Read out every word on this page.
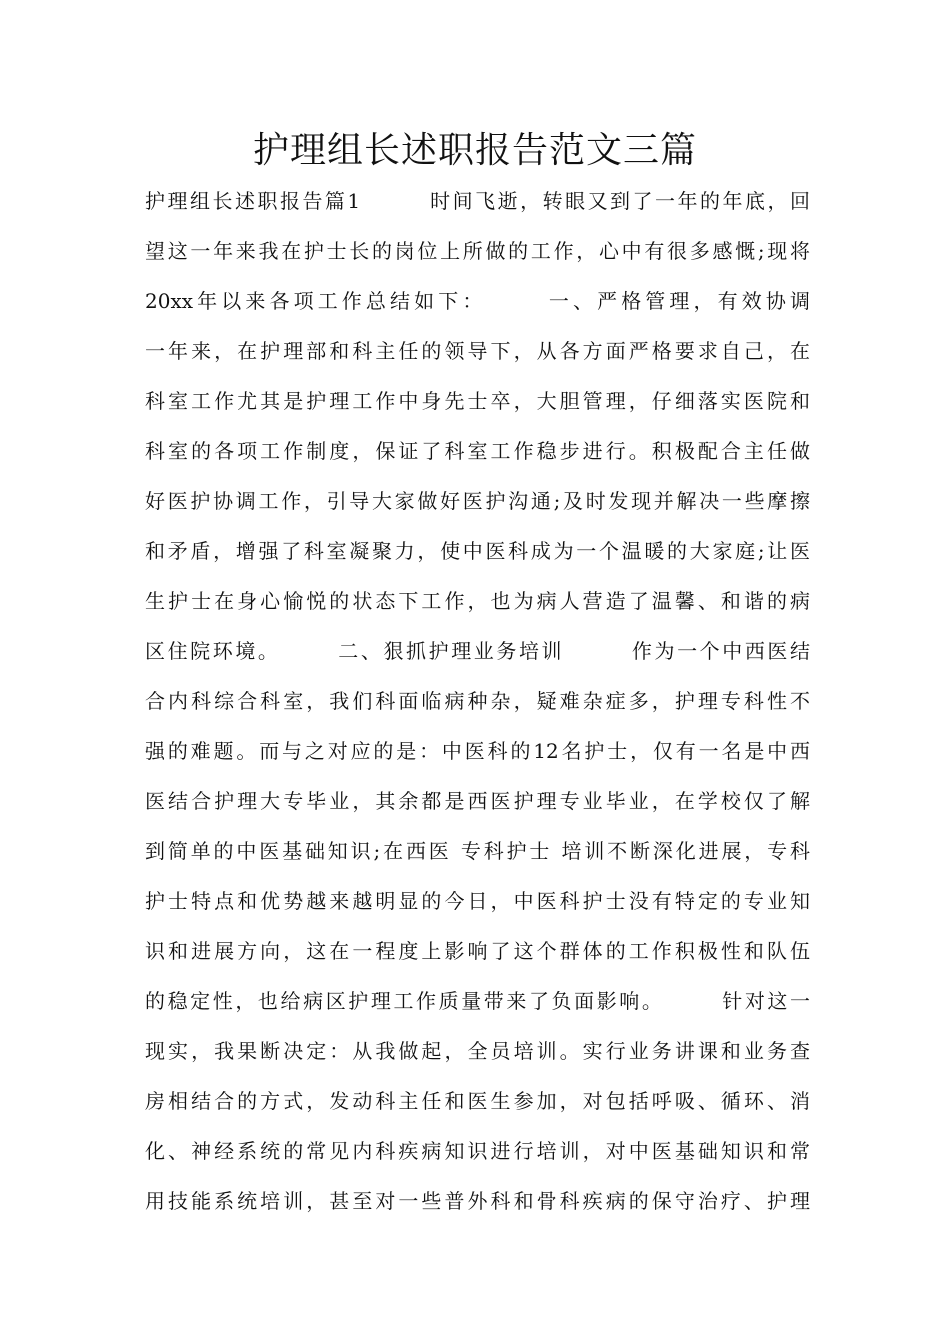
护理组长述职报告范文三篇
护理组长述职报告篇1　　　时间飞逝，转眼又到了一年的年底，回
望这一年来我在护士长的岗位上所做的工作，心中有很多感慨;现将
20xx年以来各项工作总结如下：　　　一、严格管理，有效协调
一年来，在护理部和科主任的领导下，从各方面严格要求自己，在
科室工作尤其是护理工作中身先士卒，大胆管理，仔细落实医院和
科室的各项工作制度，保证了科室工作稳步进行。积极配合主任做
好医护协调工作，引导大家做好医护沟通;及时发现并解决一些摩擦
和矛盾，增强了科室凝聚力，使中医科成为一个温暖的大家庭;让医
生护士在身心愉悦的状态下工作，也为病人营造了温馨、和谐的病
区住院环境。　　　二、狠抓护理业务培训　　　作为一个中西医结
合内科综合科室，我们科面临病种杂，疑难杂症多，护理专科性不
强的难题。而与之对应的是：中医科的12名护士，仅有一名是中西
医结合护理大专毕业，其余都是西医护理专业毕业，在学校仅了解
到简单的中医基础知识;在西医 专科护士 培训不断深化进展，专科
护士特点和优势越来越明显的今日，中医科护士没有特定的专业知
识和进展方向，这在一程度上影响了这个群体的工作积极性和队伍
的稳定性，也给病区护理工作质量带来了负面影响。　　　针对这一
现实，我果断决定：从我做起，全员培训。实行业务讲课和业务查
房相结合的方式，发动科主任和医生参加，对包括呼吸、循环、消
化、神经系统的常见内科疾病知识进行培训，对中医基础知识和常
用技能系统培训，甚至对一些普外科和骨科疾病的保守治疗、护理
